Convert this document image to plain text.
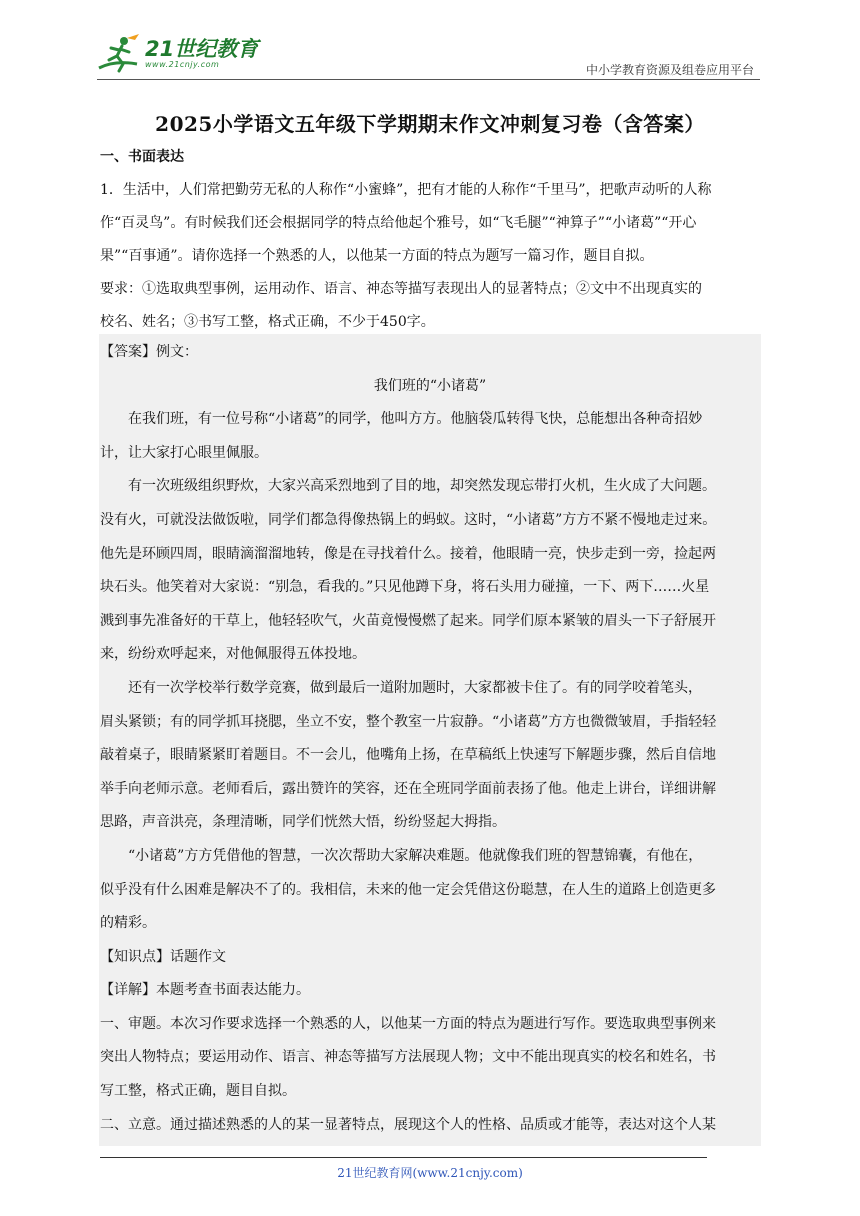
21世纪教育
www.21cnjy.com	中小学教育资源及组卷应用平台
2025小学语文五年级下学期期末作文冲刺复习卷（含答案）
一、书面表达
1．生活中，人们常把勤劳无私的人称作“小蜜蜂”，把有才能的人称作“千里马”，把歌声动听的人称
作“百灵鸟”。有时候我们还会根据同学的特点给他起个雅号，如“飞毛腿”“神算子”“小诸葛”“开心
果”“百事通”。请你选择一个熟悉的人，以他某一方面的特点为题写一篇习作，题目自拟。
要求：①选取典型事例，运用动作、语言、神态等描写表现出人的显著特点；②文中不出现真实的
校名、姓名；③书写工整，格式正确，不少于450字。
【答案】例文：
我们班的“小诸葛”
　　在我们班，有一位号称“小诸葛”的同学，他叫方方。他脑袋瓜转得飞快，总能想出各种奇招妙
计，让大家打心眼里佩服。
　　有一次班级组织野炊，大家兴高采烈地到了目的地，却突然发现忘带打火机，生火成了大问题。
没有火，可就没法做饭啦，同学们都急得像热锅上的蚂蚁。这时，“小诸葛”方方不紧不慢地走过来。
他先是环顾四周，眼睛滴溜溜地转，像是在寻找着什么。接着，他眼睛一亮，快步走到一旁，捡起两
块石头。他笑着对大家说：“别急，看我的。”只见他蹲下身，将石头用力碰撞，一下、两下……火星
溅到事先准备好的干草上，他轻轻吹气，火苗竟慢慢燃了起来。同学们原本紧皱的眉头一下子舒展开
来，纷纷欢呼起来，对他佩服得五体投地。
　　还有一次学校举行数学竞赛，做到最后一道附加题时，大家都被卡住了。有的同学咬着笔头，
眉头紧锁；有的同学抓耳挠腮，坐立不安，整个教室一片寂静。“小诸葛”方方也微微皱眉，手指轻轻
敲着桌子，眼睛紧紧盯着题目。不一会儿，他嘴角上扬，在草稿纸上快速写下解题步骤，然后自信地
举手向老师示意。老师看后，露出赞许的笑容，还在全班同学面前表扬了他。他走上讲台，详细讲解
思路，声音洪亮，条理清晰，同学们恍然大悟，纷纷竖起大拇指。
　　“小诸葛”方方凭借他的智慧，一次次帮助大家解决难题。他就像我们班的智慧锦囊，有他在，
似乎没有什么困难是解决不了的。我相信，未来的他一定会凭借这份聪慧，在人生的道路上创造更多
的精彩。
【知识点】话题作文
【详解】本题考查书面表达能力。
一、审题。本次习作要求选择一个熟悉的人，以他某一方面的特点为题进行写作。要选取典型事例来
突出人物特点；要运用动作、语言、神态等描写方法展现人物；文中不能出现真实的校名和姓名，书
写工整，格式正确，题目自拟。
二、立意。通过描述熟悉的人的某一显著特点，展现这个人的性格、品质或才能等，表达对这个人某
21世纪教育网(www.21cnjy.com)
